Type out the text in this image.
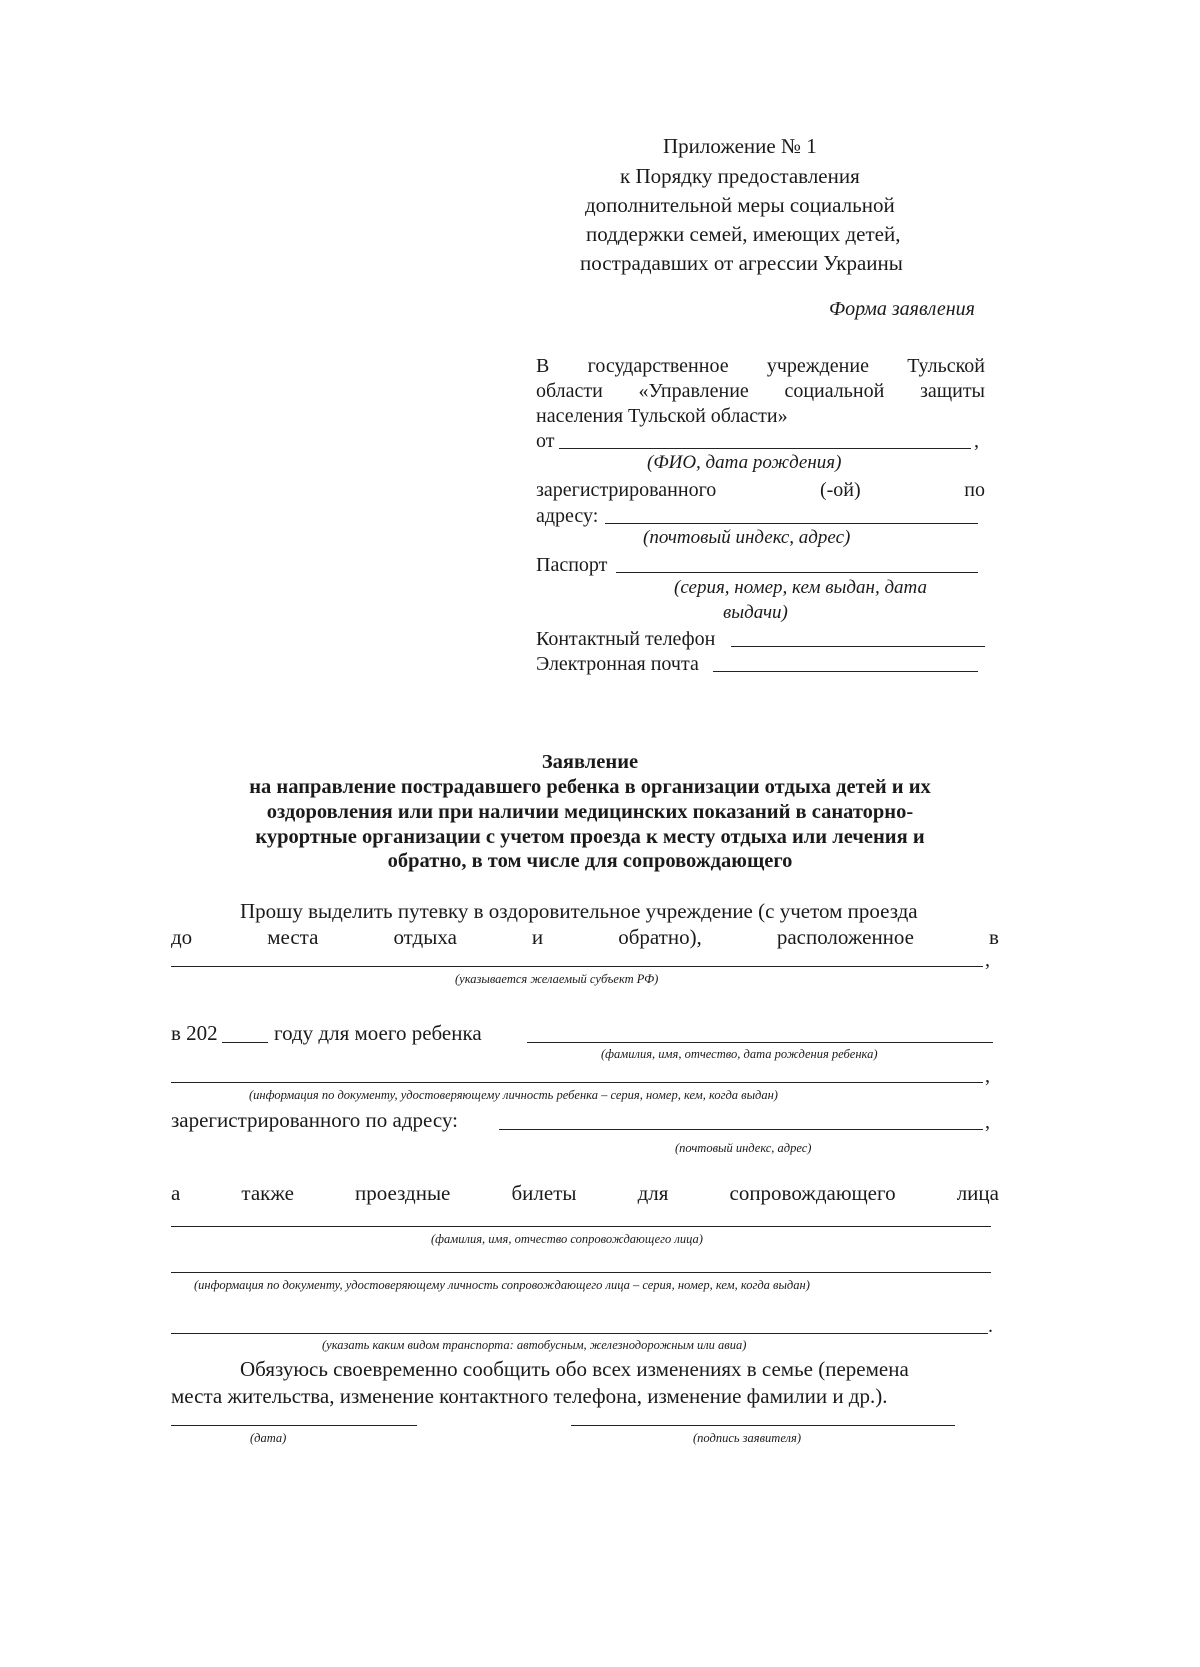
Приложение № 1
к Порядку предоставления
дополнительной меры социальной
поддержки семей, имеющих детей,
пострадавших от агрессии Украины
Форма заявления
В государственное учреждение Тульской
области «Управление социальной защиты
населения Тульской области»
от	,
(ФИО, дата рождения)
зарегистрированного	(-ой)	по
адресу:
(почтовый индекс, адрес)
Паспорт
(серия, номер, кем выдан, дата
выдачи)
Контактный телефон
Электронная почта
Заявление
на направление пострадавшего ребенка в организации отдыха детей и их
оздоровления или при наличии медицинских показаний в санаторно-
курортные организации с учетом проезда к месту отдыха или лечения и
обратно, в том числе для сопровождающего
Прошу выделить путевку в оздоровительное учреждение (с учетом проезда
до	места	отдыха	и	обратно),	расположенное	в
,
(указывается желаемый субъект РФ)
в 202	году для моего ребенка
(фамилия, имя, отчество, дата рождения ребенка)
,
(информация по документу, удостоверяющему личность ребенка – серия, номер, кем, когда выдан)
зарегистрированного по адресу:	,
(почтовый индекс, адрес)
а	также	проездные	билеты	для	сопровождающего	лица
(фамилия, имя, отчество сопровождающего лица)
(информация по документу, удостоверяющему личность сопровождающего лица – серия, номер, кем, когда выдан)
.
(указать каким видом транспорта: автобусным, железнодорожным или авиа)
Обязуюсь своевременно сообщить обо всех изменениях в семье (перемена
места жительства, изменение контактного телефона, изменение фамилии и др.).
(дата)	(подпись заявителя)
